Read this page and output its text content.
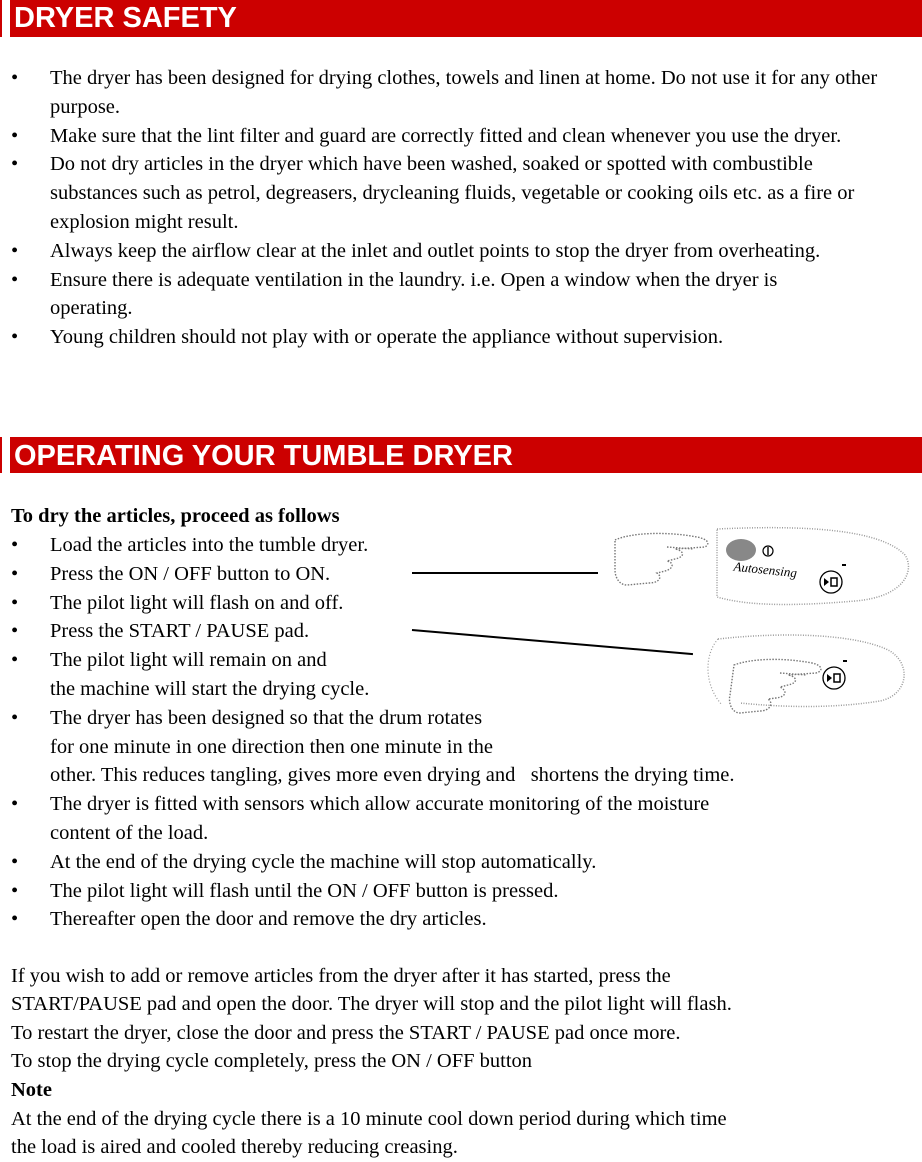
DRYER SAFETY
• The dryer has been designed for drying clothes, towels and linen at home. Do not use it for any other purpose.
• Make sure that the lint filter and guard are correctly fitted and clean whenever you use the dryer.
• Do not dry articles in the dryer which have been washed, soaked or spotted with combustible substances such as petrol, degreasers, drycleaning fluids, vegetable or cooking oils etc. as a fire or explosion might result.
• Always keep the airflow clear at the inlet and outlet points to stop the dryer from overheating.
• Ensure there is adequate ventilation in the laundry. i.e. Open a window when the dryer is operating.
• Young children should not play with or operate the appliance without supervision.
OPERATING YOUR TUMBLE DRYER

To dry the articles, proceed as follows

• Load the articles into the tumble dryer.
• Press the ON / OFF button to ON.
• The pilot light will flash on and off.
• Press the START / PAUSE pad.
• The pilot light will remain on and
the machine will start the drying cycle.
• The dryer has been designed so that the drum rotates
for one minute in one direction then one minute in the
other. This reduces tangling, gives more even drying and   shortens the drying time.
• The dryer is fitted with sensors which allow accurate monitoring of the moisture
content of the load.
• At the end of the drying cycle the machine will stop automatically.
• The pilot light will flash until the ON / OFF button is pressed.
• Thereafter open the door and remove the dry articles.
Autosensing

If you wish to add or remove articles from the dryer after it has started, press the

START/PAUSE pad and open the door. The dryer will stop and the pilot light will flash.

To restart the dryer, close the door and press the START / PAUSE pad once more.

To stop the drying cycle completely, press the ON / OFF button

Note

At the end of the drying cycle there is a 10 minute cool down period during which time

the load is aired and cooled thereby reducing creasing.
